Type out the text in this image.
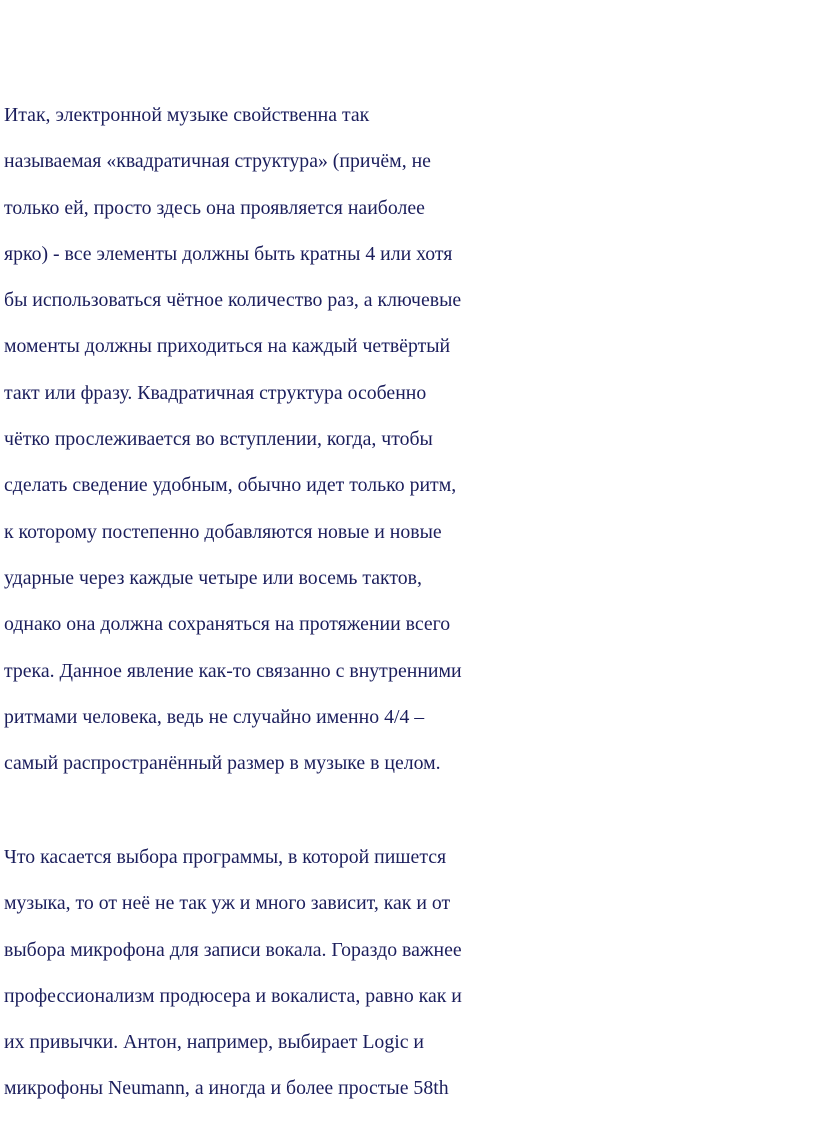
Итак, электронной музыке свойственна так
называемая «квадратичная структура» (причём, не
только ей, просто здесь она проявляется наиболее
ярко) - все элементы должны быть кратны 4 или хотя
бы использоваться чётное количество раз, а ключевые
моменты должны приходиться на каждый четвёртый
такт или фразу. Квадратичная структура особенно
чётко прослеживается во вступлении, когда, чтобы
сделать сведение удобным, обычно идет только ритм,
к которому постепенно добавляются новые и новые
ударные через каждые четыре или восемь тактов,
однако она должна сохраняться на протяжении всего
трека. Данное явление как-то связанно с внутренними
ритмами человека, ведь не случайно именно 4/4 –
самый распространённый размер в музыке в целом.
Что касается выбора программы, в которой пишется
музыка, то от неё не так уж и много зависит, как и от
выбора микрофона для записи вокала. Гораздо важнее
профессионализм продюсера и вокалиста, равно как и
их привычки. Антон, например, выбирает Logic и
микрофоны Neumann, а иногда и более простые 58th
